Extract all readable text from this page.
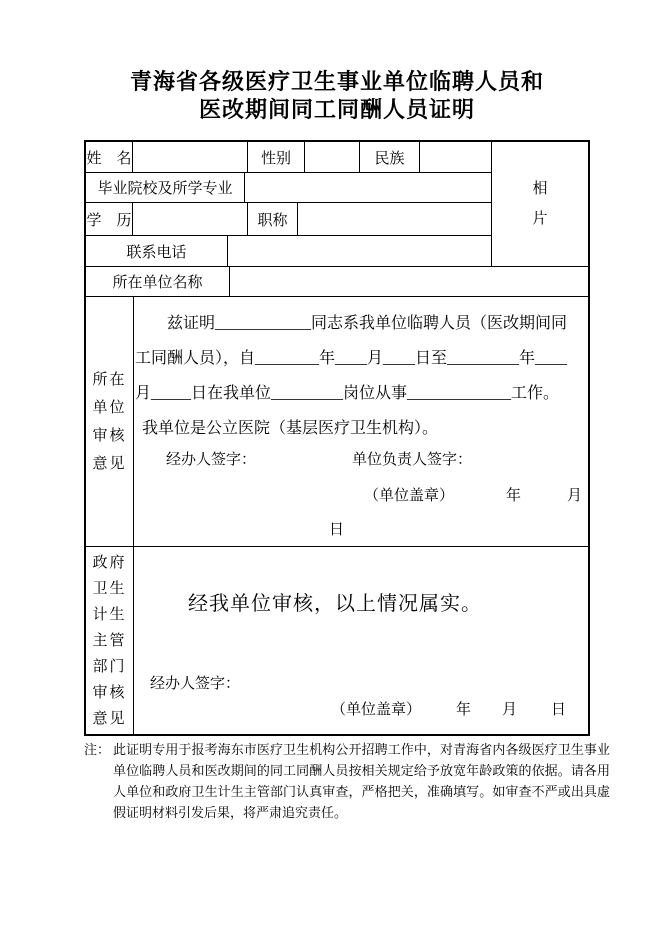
青海省各级医疗卫生事业单位临聘人员和
医改期间同工同酬人员证明
姓　名	性别	民族
毕业院校及所学专业
学　历	职称
联系电话
相
片
所在单位名称
所在
单位
审核
意见
兹证明____________同志系我单位临聘人员（医改期间同工同酬人员），自________年____月____日至_________年____月_____日在我单位_________岗位从事_____________工作。
我单位是公立医院（基层医疗卫生机构）。
经办人签字：	单位负责人签字：
（单位盖章）	年	月
日
政府
卫生
计生
主管
部门
审核
意见
经我单位审核，以上情况属实。
经办人签字：
（单位盖章） 年 月 日
注： 此证明专用于报考海东市医疗卫生机构公开招聘工作中，对青海省内各级医疗卫生事业单位临聘人员和医改期间的同工同酬人员按相关规定给予放宽年龄政策的依据。请各用人单位和政府卫生计生主管部门认真审查，严格把关，准确填写。如审查不严或出具虚假证明材料引发后果，将严肃追究责任。
